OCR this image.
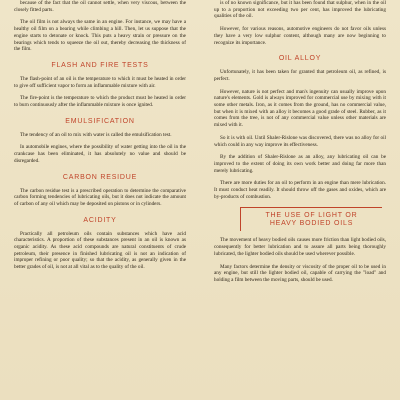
because of the fact that the oil cannot settle, when very viscous, between the closely fitted parts.

The oil film is not always the same in an engine. For instance, we may have a healthy oil film on a bearing while climbing a hill. Then, let us suppose that the engine starts to detonate or knock. This puts a heavy strain or pressure on the bearings which tends to squeeze the oil out, thereby decreasing the thickness of the film.

FLASH AND FIRE TESTS

The flash-point of an oil is the temperature to which it must be heated in order to give off sufficient vapor to form an inflammable mixture with air.

The fire-point is the temperature to which the product must be heated in order to burn continuously after the inflammable mixture is once ignited.

EMULSIFICATION

The tendency of an oil to mix with water is called the emulsification test.

In automobile engines, where the possibility of water getting into the oil in the crankcase has been eliminated, it has absolutely no value and should be disregarded.

CARBON RESIDUE

The carbon residue test is a prescribed operation to determine the comparative carbon forming tendencies of lubricating oils, but it does not indicate the amount of carbon of any oil which may be deposited on pistons or in cylinders.

ACIDITY

Practically all petroleum oils contain substances which have acid characteristics. A proportion of these substances present in an oil is known as organic acidity. As these acid compounds are natural constituents of crude petroleum, their presence in finished lubricating oil is not an indication of improper refining or poor quality; so that the acidity, as generally given in the better grades of oil, is not at all vital as to the quality of the oil.

is of no known significance, but it has been found that sulphur, when in the oil up to a proportion not exceeding two per cent, has improved the lubricating qualities of the oil.

However, for various reasons, automotive engineers do not favor oils unless they have a very low sulphur content, although many are now beginning to recognize its importance.

OIL ALLOY

Unfortunately, it has been taken for granted that petroleum oil, as refined, is perfect.

However, nature is not perfect and man's ingenuity can usually improve upon nature's elements. Gold is always improved for commercial use by mixing with it some other metals. Iron, as it comes from the ground, has no commercial value, but when it is mixed with an alloy it becomes a good grade of steel. Rubber, as it comes from the tree, is not of any commercial value unless other materials are mixed with it.

So it is with oil. Until Shaler-Rislone was discovered, there was no alloy for oil which could in any way improve its effectiveness.

By the addition of Shaler-Rislone as an alloy, any lubricating oil can be improved to the extent of doing its own work better and doing far more than merely lubricating.

There are more duties for an oil to perform in an engine than mere lubrication. It must conduct heat readily. It should throw off the gases and oxides, which are by-products of combustion.

THE USE OF LIGHT OR
HEAVY BODIED OILS

The movement of heavy bodied oils causes more friction than light bodied oils, consequently for better lubrication and to assure all parts being thoroughly lubricated, the lighter bodied oils should be used wherever possible.

Many factors determine the density or viscosity of the proper oil to be used in any engine, but still the lighter bodied oil, capable of carrying the "load" and holding a film between the moving parts, should be used.
